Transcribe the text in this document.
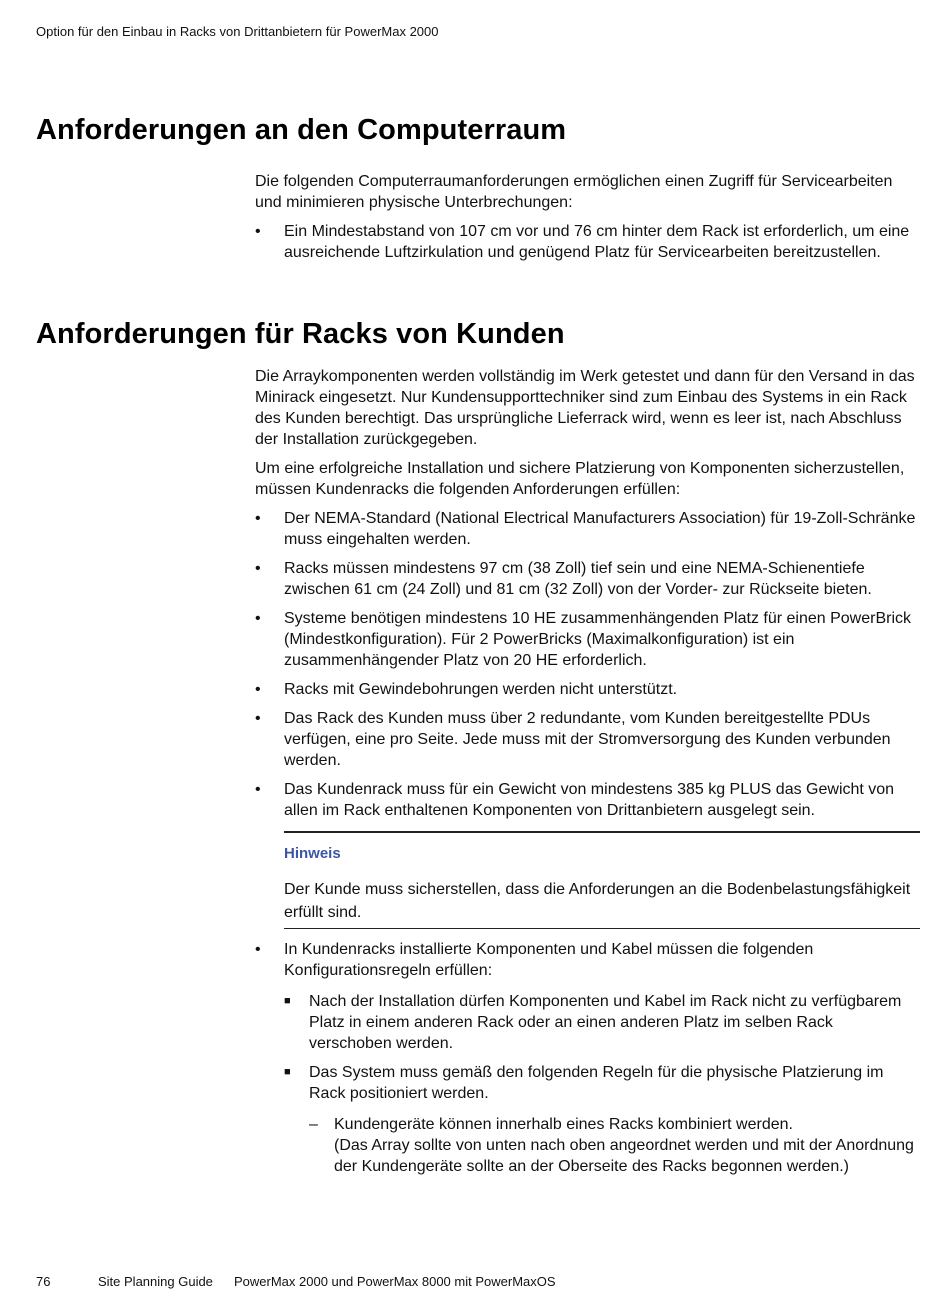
Option für den Einbau in Racks von Drittanbietern für PowerMax 2000
Anforderungen an den Computerraum

Die folgenden Computerraumanforderungen ermöglichen einen Zugriff für Servicearbeiten und minimieren physische Unterbrechungen:

• Ein Mindestabstand von 107 cm vor und 76 cm hinter dem Rack ist erforderlich, um eine ausreichende Luftzirkulation und genügend Platz für Servicearbeiten bereitzustellen.
Anforderungen für Racks von Kunden

Die Arraykomponenten werden vollständig im Werk getestet und dann für den Versand in das Minirack eingesetzt. Nur Kundensupporttechniker sind zum Einbau des Systems in ein Rack des Kunden berechtigt. Das ursprüngliche Lieferrack wird, wenn es leer ist, nach Abschluss der Installation zurückgegeben.

Um eine erfolgreiche Installation und sichere Platzierung von Komponenten sicherzustellen, müssen Kundenracks die folgenden Anforderungen erfüllen:

• Der NEMA-Standard (National Electrical Manufacturers Association) für 19-Zoll-Schränke muss eingehalten werden.
• Racks müssen mindestens 97 cm (38 Zoll) tief sein und eine NEMA-Schienentiefe zwischen 61 cm (24 Zoll) und 81 cm (32 Zoll) von der Vorder- zur Rückseite bieten.
• Systeme benötigen mindestens 10 HE zusammenhängenden Platz für einen PowerBrick (Mindestkonfiguration). Für 2 PowerBricks (Maximalkonfiguration) ist ein zusammenhängender Platz von 20 HE erforderlich.
• Racks mit Gewindebohrungen werden nicht unterstützt.
• Das Rack des Kunden muss über 2 redundante, vom Kunden bereitgestellte PDUs verfügen, eine pro Seite. Jede muss mit der Stromversorgung des Kunden verbunden werden.
• Das Kundenrack muss für ein Gewicht von mindestens 385 kg PLUS das Gewicht von allen im Rack enthaltenen Komponenten von Drittanbietern ausgelegt sein.
Hinweis
Der Kunde muss sicherstellen, dass die Anforderungen an die Bodenbelastungsfähigkeit erfüllt sind.
• In Kundenracks installierte Komponenten und Kabel müssen die folgenden Konfigurationsregeln erfüllen:
■ Nach der Installation dürfen Komponenten und Kabel im Rack nicht zu verfügbarem Platz in einem anderen Rack oder an einen anderen Platz im selben Rack verschoben werden.
■ Das System muss gemäß den folgenden Regeln für die physische Platzierung im Rack positioniert werden.
– Kundengeräte können innerhalb eines Racks kombiniert werden.
(Das Array sollte von unten nach oben angeordnet werden und mit der Anordnung der Kundengeräte sollte an der Oberseite des Racks begonnen werden.)
76	Site Planning Guide PowerMax 2000 und PowerMax 8000 mit PowerMaxOS
